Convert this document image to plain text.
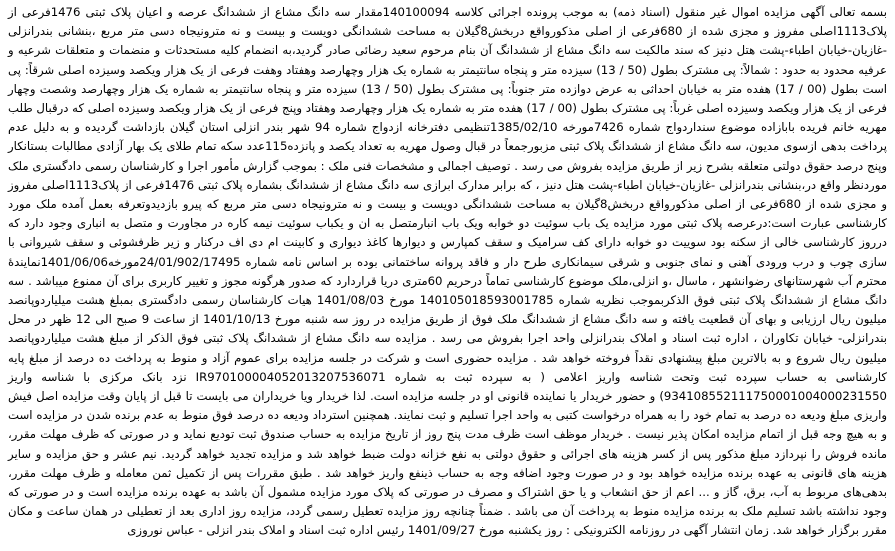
بسمه تعالی آگهی مزایده اموال غیر منقول (اسناد ذمه) به موجب پرونده اجرائی کلاسه 140100094مقدار سه دانگ مشاع از ششدانگ عرصه و اعیان پلاک ثبتی 1476فرعی از پلاک1113اصلی مفروز و مجزی شده از 680فرعی از اصلی مذکورواقع دربخش8گیلان به مساحت ششدانگی دویست و بیست و نه مترونیجاه دسی متر مربع ،بنشانی بندرانزلی -غازیان-خیابان اطباء-پشت هتل دنیز که سند مالکیت سه دانگ مشاع از ششدانگ آن بنام مرحوم سعید رضائی صادر گردید،به انضمام کلیه مستحدثات و منضمات و متعلقات شرعیه و عرفیه محدود به حدود : شمالاً: پی مشترک بطول (50 / 13) سیزده متر و پنجاه سانتیمتر به شماره یک هزار وچهارصد وهفتاد وهفت فرعی از یک هزار ویکصد وسیزده اصلی شرقاً: پی است بطول (00 / 17) هفده متر به خیابان احداثی به عرض دوازده متر جنوباً: پی مشترک بطول (50 / 13) سیزده متر و پنجاه سانتیمتر به شماره یک هزار وچهارصد وشصت وچهار فرعی از یک هزار ویکصد وسیزده اصلی غرباً: پی مشترک بطول (00 / 17) هفده متر به شماره یک هزار وچهارصد وهفتاد وپنج فرعی از یک هزار ویکصد وسیزده اصلی که درقبال طلب مهریه خانم فریده بابازاده موضوع سنداردواج شماره 7426مورخه 1385/02/10تنظیمی دفترخانه ازدواج شماره 94 شهر بندر انزلی استان گیلان بازداشت گردیده و به دلیل عدم پرداخت بدهی ازسوی مدیون، سه دانگ مشاع از ششدانگ پلاک ثبتی مزبورجمعاً در قبال وصول مهریه به تعداد یکصد و پانزده115عدد سکه تمام طلای یک بهار آزادی مطالبات بستانکار وپنج درصد حقوق دولتی متعلقه بشرح زیر از طریق مزایده بفروش می رسد . توصیف اجمالی و مشخصات فنی ملک : بموجب گزارش مأمور اجرا و کارشناسان رسمی دادگستری ملک موردنظر واقع در،بنشانی بندرانزلی -غازیان-خیابان اطباء-پشت هتل دنیز ، که برابر مدارک ابرازی سه دانگ مشاع از ششدانگ بشماره پلاک ثبتی 1476فرعی از پلاک1113اصلی مفروز و مجزی شده از 680فرعی از اصلی مذکورواقع دربخش8گیلان به مساحت ششدانگی دویست و بیست و نه مترونیجاه دسی متر مربع که پیرو بازدیدوتعرفه بعمل آمده ملک مورد کارشناسی عبارت است:درعرصه پلاک ثبتی مورد مزایده یک باب سوئیت دو خوابه ویک باب انبارمتصل به ان و یکباب سوئیت نیمه کاره در مجاورت و متصل به انباری وجود دارد که درروز کارشناسی خالی از سکنه بود سوییت دو خوابه دارای کف سرامیک و سقف کمپارس و دیوارها کاغذ دیواری و کابینت ام دی اف درکنار و زیر ظرفشوئی و سقف شیروانی با سازی چوب و درب ورودی آهنی و نمای جنوبی و شرقی سیمانکاری طرح دار و فاقد پروانه ساختمانی بوده بر اساس نامه شماره 24/01/902/17495مورخه1401/06/06نمایندۀ محترم آب شهرستانهای رضوانشهر ، ماسال ،و انزلی،ملک موضوع کارشناسی تماماً درحریم 60متری دریا قراردارد که صدور هرگونه مجوز و تغییر کاربری برای آن ممنوع میباشد . سه دانگ مشاع از ششدانگ پلاک ثبتی فوق الذکربموجب نظریه شماره 140105018593001785 مورخ 1401/08/03 هیات کارشناسان رسمی دادگستری بمبلغ هشت میلیاردوپانصد میلیون ریال ارزیابی و بهای آن قطعیت یافته و سه دانگ مشاع از ششدانگ ملک فوق از طریق مزایده در روز سه شنبه مورخ 1401/10/13 از ساعت 9 صبح الی 12 ظهر در محل بندرانزلی- خیابان تکاوران ، اداره ثبت اسناد و املاک بندرانزلی واحد اجرا بفروش می رسد . مزایده سه دانگ مشاع از ششدانگ پلاک ثبتی فوق الذکر از مبلغ هشت میلیاردوپانصد میلیون ریال شروع و به بالاترین مبلغ پیشنهادی نقداً فروخته خواهد شد . مزایده حضوری است و شرکت در جلسه مزایده برای عموم آزاد و منوط به پرداخت ده درصد از مبلغ پایه کارشناسی به حساب سپرده ثبت وتحت شناسه واریز اعلامی ( به سپرده ثبت به شماره IR970100004052013207536071 نزد بانک مرکزی با شناسه واریز 934108552111750001004000231550) و حضور خریدار یا نماینده قانونی او در جلسه مزایده است. لذا خریدار ویا خریداران می بایست تا قبل از پایان وقت مزایده اصل فیش واریزی مبلغ ودیعه ده درصد به تمام خود را به همراه درخواست کتبی به واحد اجرا تسلیم و ثبت نمایند. همچنین استرداد ودیعه ده درصد فوق منوط به عدم برنده شدن در مزایده است و به هیچ وجه قبل از اتمام مزایده امکان پذیر نیست . خریدار موظف است ظرف مدت پنج روز از تاریخ مزایده به حساب صندوق ثبت تودیع نماید و در صورتی که ظرف مهلت مقرر، مانده فروش را نپردازد مبلغ مذکور پس از کسر هزینه های اجرائی و حقوق دولتی به نفع خزانه دولت ضبط خواهد شد و مزایده تجدید خواهد گردید. نیم عشر و حق مزایده و سایر هزینه های قانونی به عهده برنده مزایده خواهد بود و در صورت وجود اضافه وجه به حساب ذینفع واریز خواهد شد . طبق مقررات پس از تکمیل ثمن معامله و ظرف مهلت مقرر، بدهی‌های مربوط به آب، برق، گاز و ... اعم از حق انشعاب و یا حق اشتراک و مصرف در صورتی که پلاک مورد مزایده مشمول آن باشد به عهده برنده مزایده است و در صورتی که وجود نداشته باشد تسلیم ملک به برنده مزایده منوط به پرداخت آن می باشد . ضمناً چنانچه روز مزایده تعطیل رسمی گردد، مزایده روز اداری بعد از تعطیلی در همان ساعت و مکان مقرر برگزار خواهد شد. زمان انتشار آگهی در روزنامه الکترونیکی : روز یکشنبه مورخ 1401/09/27 رئیس اداره ثبت اسناد و املاک بندر انزلی - عباس نوروزی
